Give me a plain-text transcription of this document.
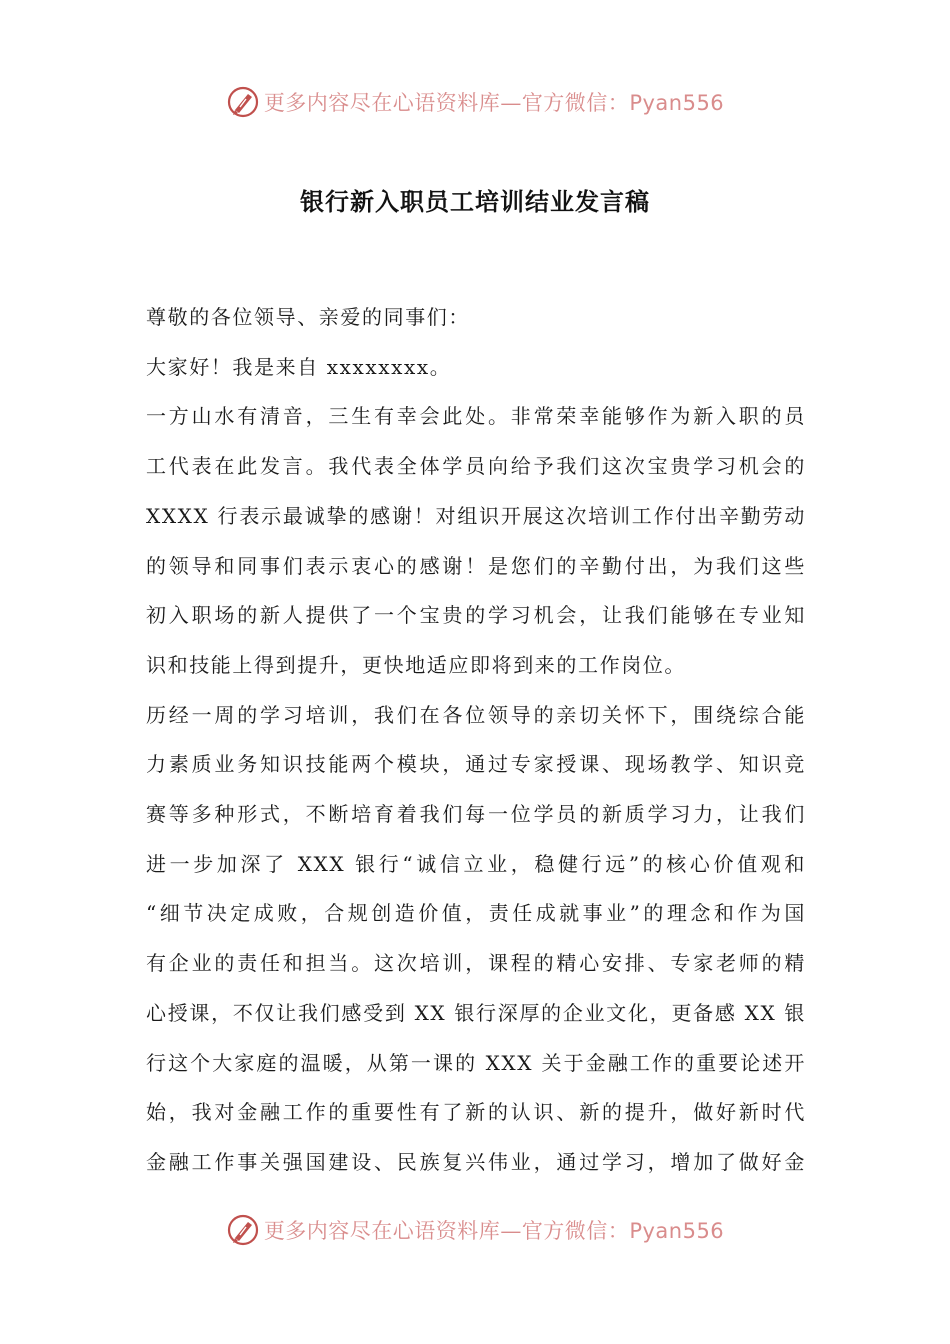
更多内容尽在心语资料库—官方微信：Pyan556
银行新入职员工培训结业发言稿
尊敬的各位领导、亲爱的同事们：
大家好！我是来自 xxxxxxxx。
一方山水有清音，三生有幸会此处。非常荣幸能够作为新入职的员
工代表在此发言。我代表全体学员向给予我们这次宝贵学习机会的
XXXX 行表示最诚挚的感谢！对组识开展这次培训工作付出辛勤劳动
的领导和同事们表示衷心的感谢！是您们的辛勤付出，为我们这些
初入职场的新人提供了一个宝贵的学习机会，让我们能够在专业知
识和技能上得到提升，更快地适应即将到来的工作岗位。
历经一周的学习培训，我们在各位领导的亲切关怀下，围绕综合能
力素质业务知识技能两个模块，通过专家授课、现场教学、知识竞
赛等多种形式，不断培育着我们每一位学员的新质学习力，让我们
进一步加深了 XXX 银行“诚信立业，稳健行远”的核心价值观和
“细节决定成败，合规创造价值，责任成就事业”的理念和作为国
有企业的责任和担当。这次培训，课程的精心安排、专家老师的精
心授课，不仅让我们感受到 XX 银行深厚的企业文化，更备感 XX 银
行这个大家庭的温暖，从第一课的 XXX 关于金融工作的重要论述开
始，我对金融工作的重要性有了新的认识、新的提升，做好新时代
金融工作事关强国建设、民族复兴伟业，通过学习，增加了做好金
更多内容尽在心语资料库—官方微信：Pyan556
